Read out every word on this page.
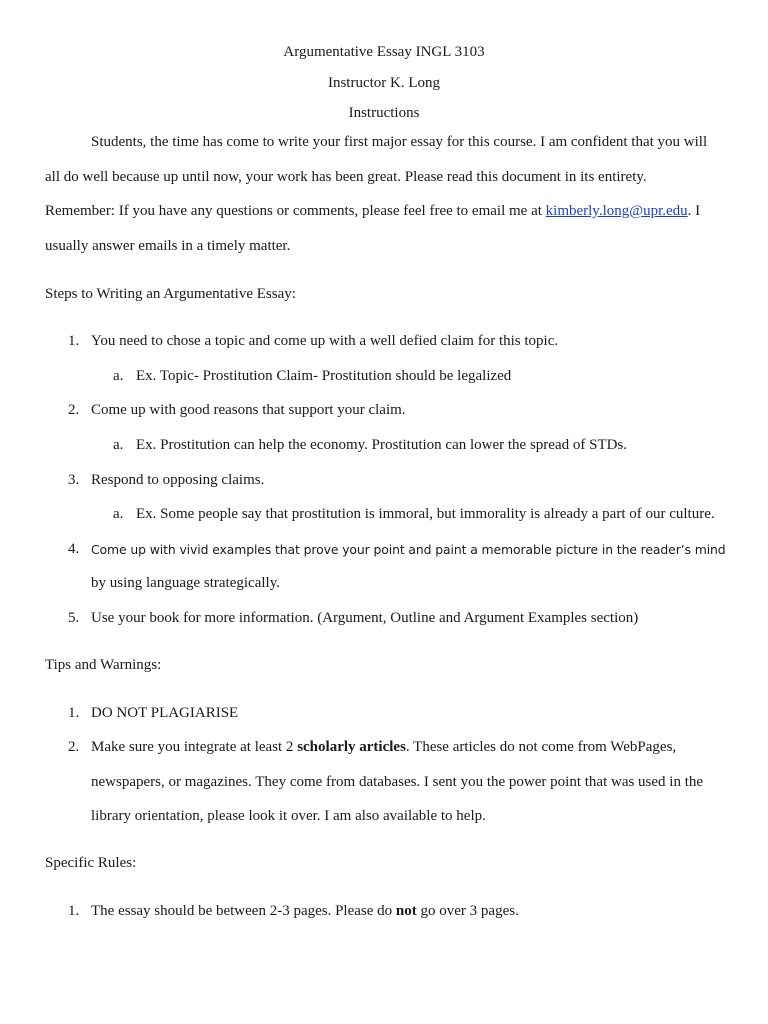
Argumentative Essay INGL 3103
Instructor K. Long
Instructions
Students, the time has come to write your first major essay for this course. I am confident that you will
all do well because up until now, your work has been great. Please read this document in its entirety.
Remember: If you have any questions or comments, please feel free to email me at kimberly.long@upr.edu. I
usually answer emails in a timely matter.
Steps to Writing an Argumentative Essay:
1. You need to chose a topic and come up with a well defied claim for this topic.
a. Ex. Topic- Prostitution Claim- Prostitution should be legalized
2. Come up with good reasons that support your claim.
a. Ex. Prostitution can help the economy. Prostitution can lower the spread of STDs.
3. Respond to opposing claims.
a. Ex. Some people say that prostitution is immoral, but immorality is already a part of our culture.
4. Come up with vivid examples that prove your point and paint a memorable picture in the reader’s mind
by using language strategically.
5. Use your book for more information. (Argument, Outline and Argument Examples section)
Tips and Warnings:
1. DO NOT PLAGIARISE
2. Make sure you integrate at least 2 scholarly articles. These articles do not come from WebPages,
newspapers, or magazines. They come from databases. I sent you the power point that was used in the
library orientation, please look it over. I am also available to help.
Specific Rules:
1. The essay should be between 2-3 pages. Please do not go over 3 pages.
